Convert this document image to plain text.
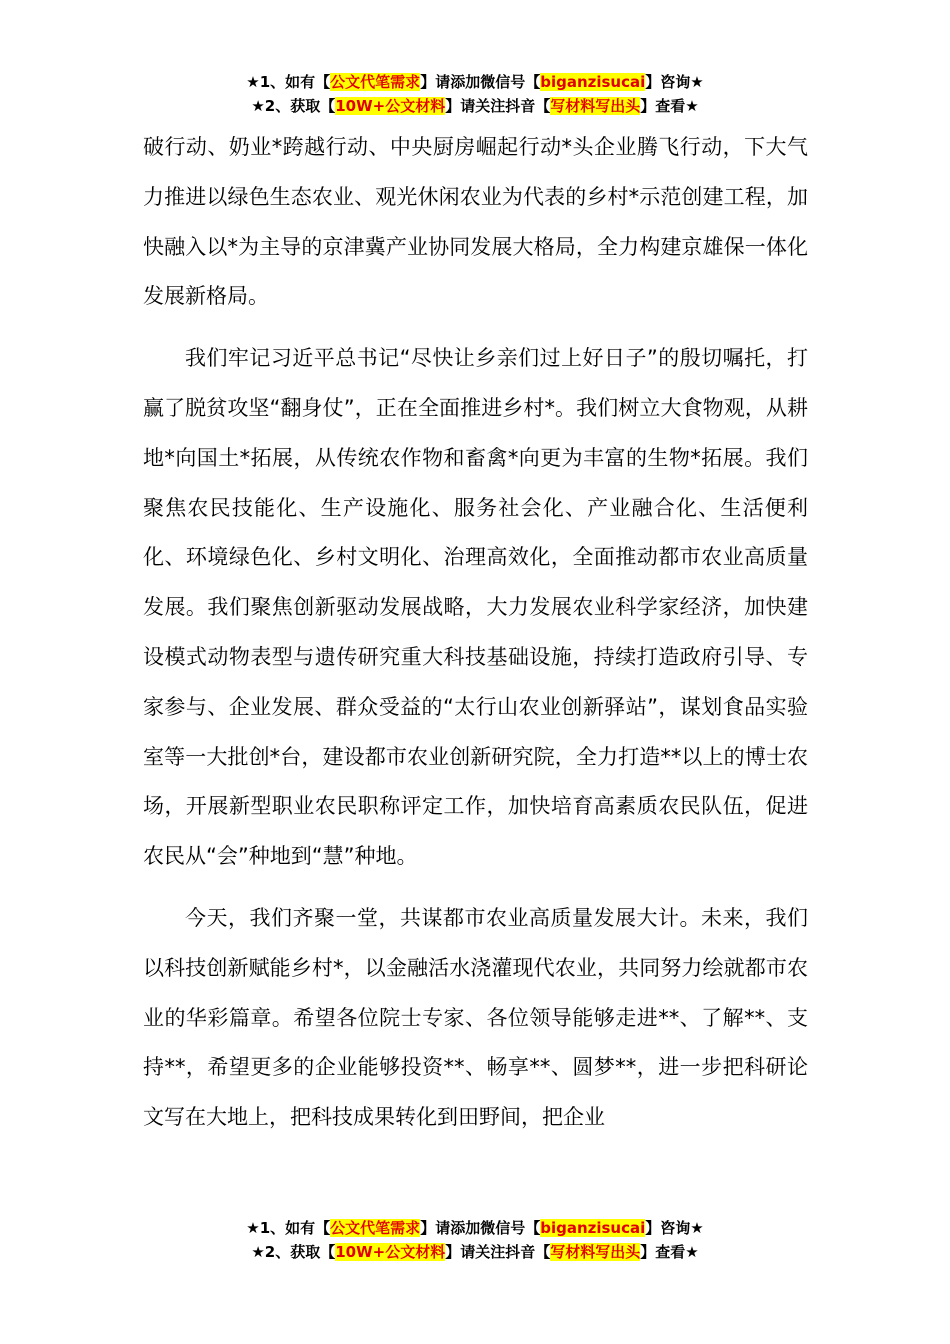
★1、如有【公文代笔需求】请添加微信号【biganzisucai】咨询★
★2、获取【10W+公文材料】请关注抖音【写材料写出头】查看★

破行动、奶业*跨越行动、中央厨房崛起行动*头企业腾飞行动，下大气力推进以绿色生态农业、观光休闲农业为代表的乡村*示范创建工程，加快融入以*为主导的京津冀产业协同发展大格局，全力构建京雄保一体化发展新格局。

我们牢记习近平总书记“尽快让乡亲们过上好日子”的殷切嘱托，打赢了脱贫攻坚“翻身仗”，正在全面推进乡村*。我们树立大食物观，从耕地*向国土*拓展，从传统农作物和畜禽*向更为丰富的生物*拓展。我们聚焦农民技能化、生产设施化、服务社会化、产业融合化、生活便利化、环境绿色化、乡村文明化、治理高效化，全面推动都市农业高质量发展。我们聚焦创新驱动发展战略，大力发展农业科学家经济，加快建设模式动物表型与遗传研究重大科技基础设施，持续打造政府引导、专家参与、企业发展、群众受益的“太行山农业创新驿站”，谋划食品实验室等一大批创*台，建设都市农业创新研究院，全力打造**以上的博士农场，开展新型职业农民职称评定工作，加快培育高素质农民队伍，促进农民从“会”种地到“慧”种地。

今天，我们齐聚一堂，共谋都市农业高质量发展大计。未来，我们以科技创新赋能乡村*，以金融活水浇灌现代农业，共同努力绘就都市农业的华彩篇章。希望各位院士专家、各位领导能够走进**、了解**、支持**，希望更多的企业能够投资**、畅享**、圆梦**，进一步把科研论文写在大地上，把科技成果转化到田野间，把企业

★1、如有【公文代笔需求】请添加微信号【biganzisucai】咨询★
★2、获取【10W+公文材料】请关注抖音【写材料写出头】查看★
